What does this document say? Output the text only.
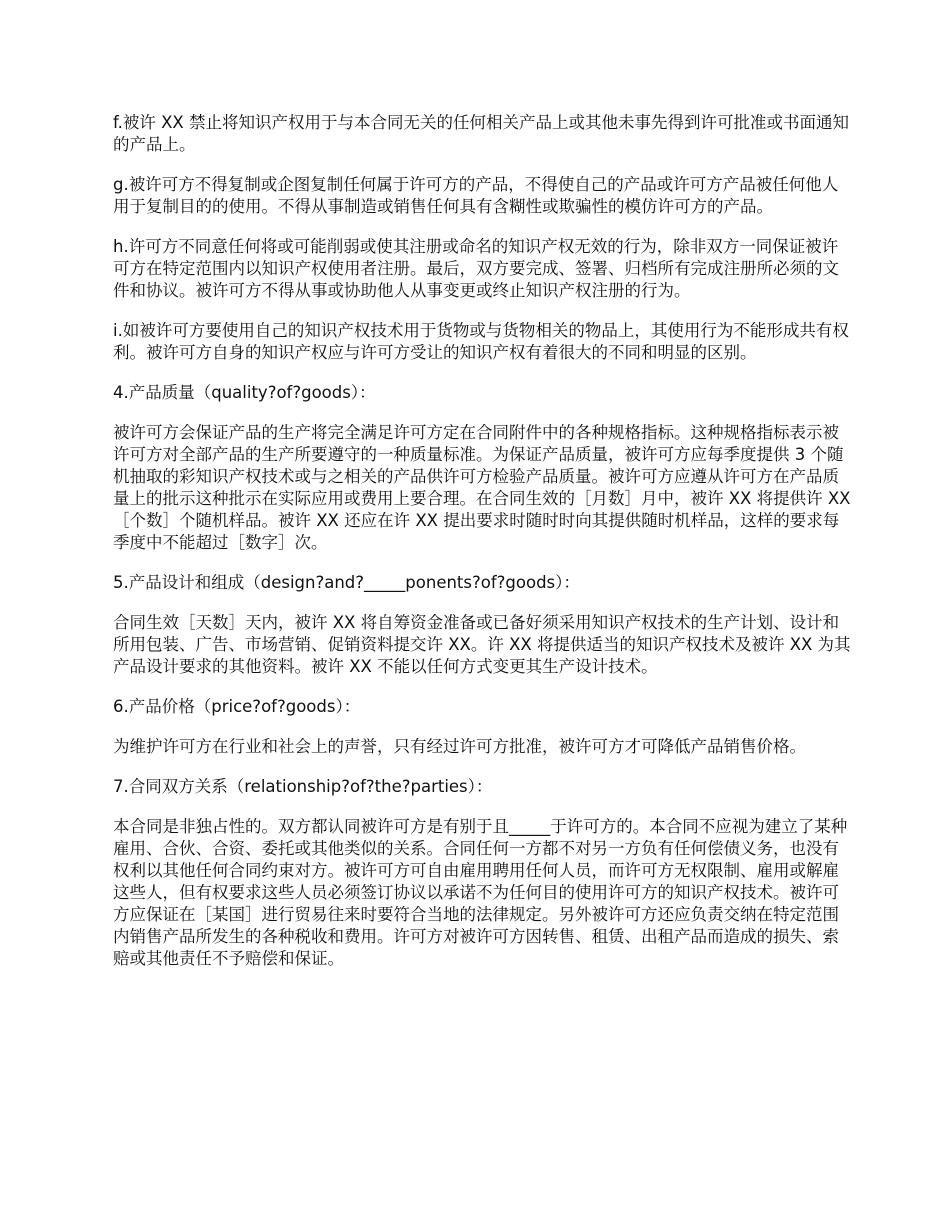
f.被许 XX 禁止将知识产权用于与本合同无关的任何相关产品上或其他未事先得到许可批准或书面通知的产品上。

g.被许可方不得复制或企图复制任何属于许可方的产品，不得使自己的产品或许可方产品被任何他人用于复制目的的使用。不得从事制造或销售任何具有含糊性或欺骗性的模仿许可方的产品。

h.许可方不同意任何将或可能削弱或使其注册或命名的知识产权无效的行为，除非双方一同保证被许可方在特定范围内以知识产权使用者注册。最后，双方要完成、签署、归档所有完成注册所必须的文件和协议。被许可方不得从事或协助他人从事变更或终止知识产权注册的行为。

i.如被许可方要使用自己的知识产权技术用于货物或与货物相关的物品上，其使用行为不能形成共有权利。被许可方自身的知识产权应与许可方受让的知识产权有着很大的不同和明显的区别。

4.产品质量（quality?of?goods）：

被许可方会保证产品的生产将完全满足许可方定在合同附件中的各种规格指标。这种规格指标表示被许可方对全部产品的生产所要遵守的一种质量标准。为保证产品质量，被许可方应每季度提供 3 个随机抽取的彩知识产权技术或与之相关的产品供许可方检验产品质量。被许可方应遵从许可方在产品质量上的批示这种批示在实际应用或费用上要合理。在合同生效的［月数］月中，被许 XX 将提供许 XX［个数］个随机样品。被许 XX 还应在许 XX 提出要求时随时时向其提供随时机样品，这样的要求每季度中不能超过［数字］次。

5.产品设计和组成（design?and?_____ponents?of?goods）：

合同生效［天数］天内，被许 XX 将自筹资金准备或已备好须采用知识产权技术的生产计划、设计和所用包装、广告、市场营销、促销资料提交许 XX。许 XX 将提供适当的知识产权技术及被许 XX 为其产品设计要求的其他资料。被许 XX 不能以任何方式变更其生产设计技术。

6.产品价格（price?of?goods）：

为维护许可方在行业和社会上的声誉，只有经过许可方批准，被许可方才可降低产品销售价格。

7.合同双方关系（relationship?of?the?parties）：

本合同是非独占性的。双方都认同被许可方是有别于且_____于许可方的。本合同不应视为建立了某种雇用、合伙、合资、委托或其他类似的关系。合同任何一方都不对另一方负有任何偿债义务，也没有权利以其他任何合同约束对方。被许可方可自由雇用聘用任何人员，而许可方无权限制、雇用或解雇这些人，但有权要求这些人员必须签订协议以承诺不为任何目的使用许可方的知识产权技术。被许可方应保证在［某国］进行贸易往来时要符合当地的法律规定。另外被许可方还应负责交纳在特定范围内销售产品所发生的各种税收和费用。许可方对被许可方因转售、租赁、出租产品而造成的损失、索赔或其他责任不予赔偿和保证。
